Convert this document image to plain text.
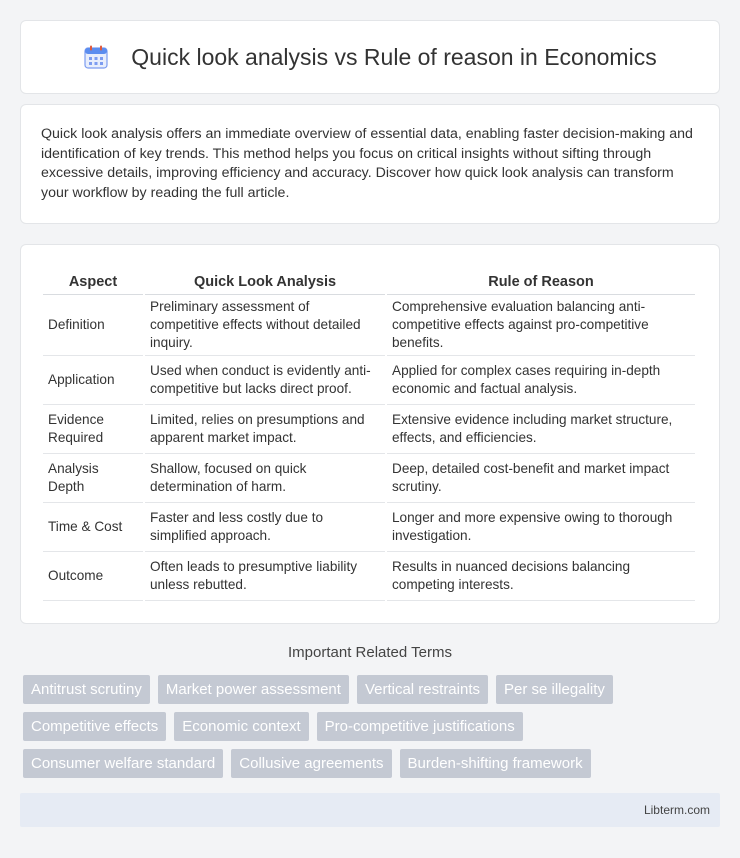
Quick look analysis vs Rule of reason in Economics

Quick look analysis offers an immediate overview of essential data, enabling faster decision-making and identification of key trends. This method helps you focus on critical insights without sifting through excessive details, improving efficiency and accuracy. Discover how quick look analysis can transform your workflow by reading the full article.

Aspect	Quick Look Analysis	Rule of Reason
Definition	Preliminary assessment of competitive effects without detailed inquiry.	Comprehensive evaluation balancing anti-competitive effects against pro-competitive benefits.
Application	Used when conduct is evidently anti-competitive but lacks direct proof.	Applied for complex cases requiring in-depth economic and factual analysis.
Evidence Required	Limited, relies on presumptions and apparent market impact.	Extensive evidence including market structure, effects, and efficiencies.
Analysis Depth	Shallow, focused on quick determination of harm.	Deep, detailed cost-benefit and market impact scrutiny.
Time & Cost	Faster and less costly due to simplified approach.	Longer and more expensive owing to thorough investigation.
Outcome	Often leads to presumptive liability unless rebutted.	Results in nuanced decisions balancing competing interests.
Important Related Terms
Antitrust scrutiny	Market power assessment	Vertical restraints	Per se illegality
Competitive effects	Economic context	Pro-competitive justifications
Consumer welfare standard	Collusive agreements	Burden-shifting framework
Libterm.com
